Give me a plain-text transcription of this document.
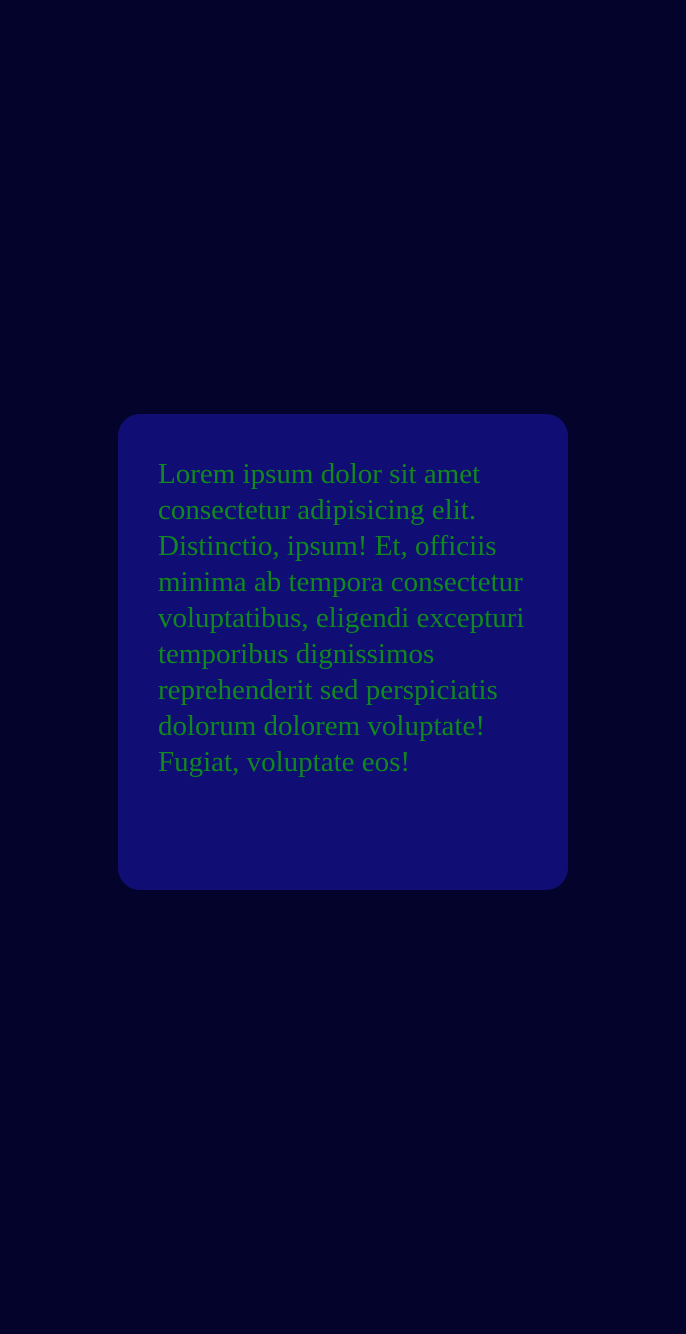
Lorem ipsum dolor sit amet consectetur adipisicing elit. Distinctio, ipsum! Et, officiis minima ab tempora consectetur voluptatibus, eligendi excepturi temporibus dignissimos reprehenderit sed perspiciatis dolorum dolorem voluptate! Fugiat, voluptate eos!
